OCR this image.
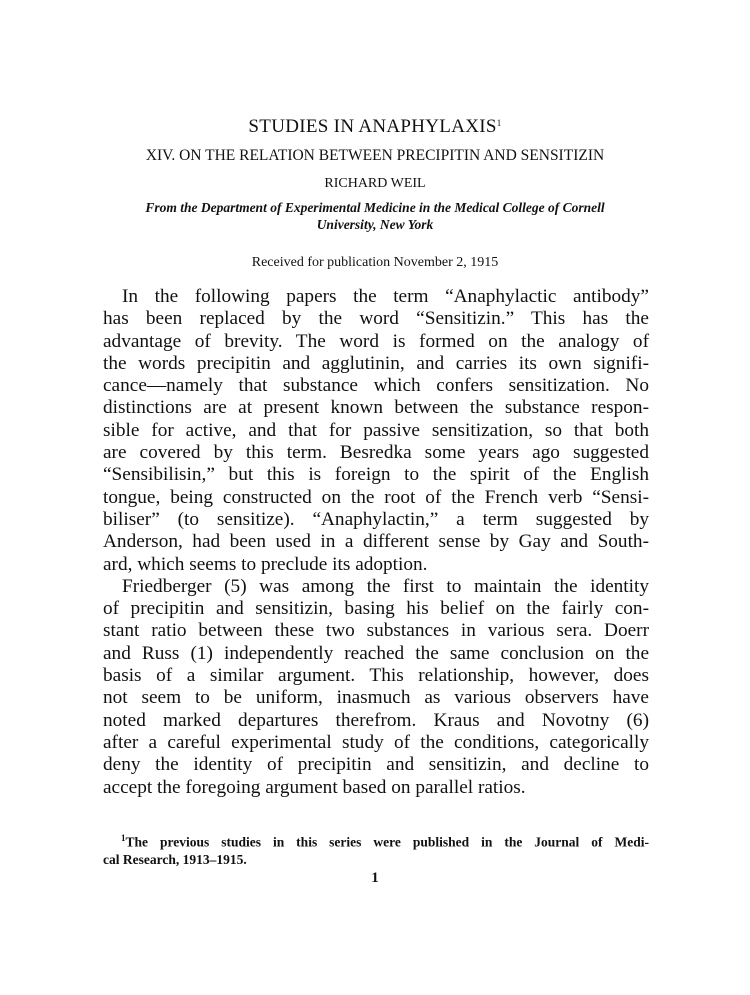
STUDIES IN ANAPHYLAXIS$^1$
XIV. ON THE RELATION BETWEEN PRECIPITIN AND SENSITIZIN
RICHARD WEIL
From the Department of Experimental Medicine in the Medical College of Cornell
University, New York
Received for publication November 2, 1915
In the following papers the term “Anaphylactic antibody”
has been replaced by the word “Sensitizin.” This has the
advantage of brevity. The word is formed on the analogy of
the words precipitin and agglutinin, and carries its own signifi-
cance—namely that substance which confers sensitization. No
distinctions are at present known between the substance respon-
sible for active, and that for passive sensitization, so that both
are covered by this term. Besredka some years ago suggested
“Sensibilisin,” but this is foreign to the spirit of the English
tongue, being constructed on the root of the French verb “Sensi-
biliser” (to sensitize). “Anaphylactin,” a term suggested by
Anderson, had been used in a different sense by Gay and South-
ard, which seems to preclude its adoption.
Friedberger (5) was among the first to maintain the identity
of precipitin and sensitizin, basing his belief on the fairly con-
stant ratio between these two substances in various sera. Doerr
and Russ (1) independently reached the same conclusion on the
basis of a similar argument. This relationship, however, does
not seem to be uniform, inasmuch as various observers have
noted marked departures therefrom. Kraus and Novotny (6)
after a careful experimental study of the conditions, categorically
deny the identity of precipitin and sensitizin, and decline to
accept the foregoing argument based on parallel ratios.
$^1$The previous studies in this series were published in the Journal of Medi-
cal Research, 1913–1915.
1
